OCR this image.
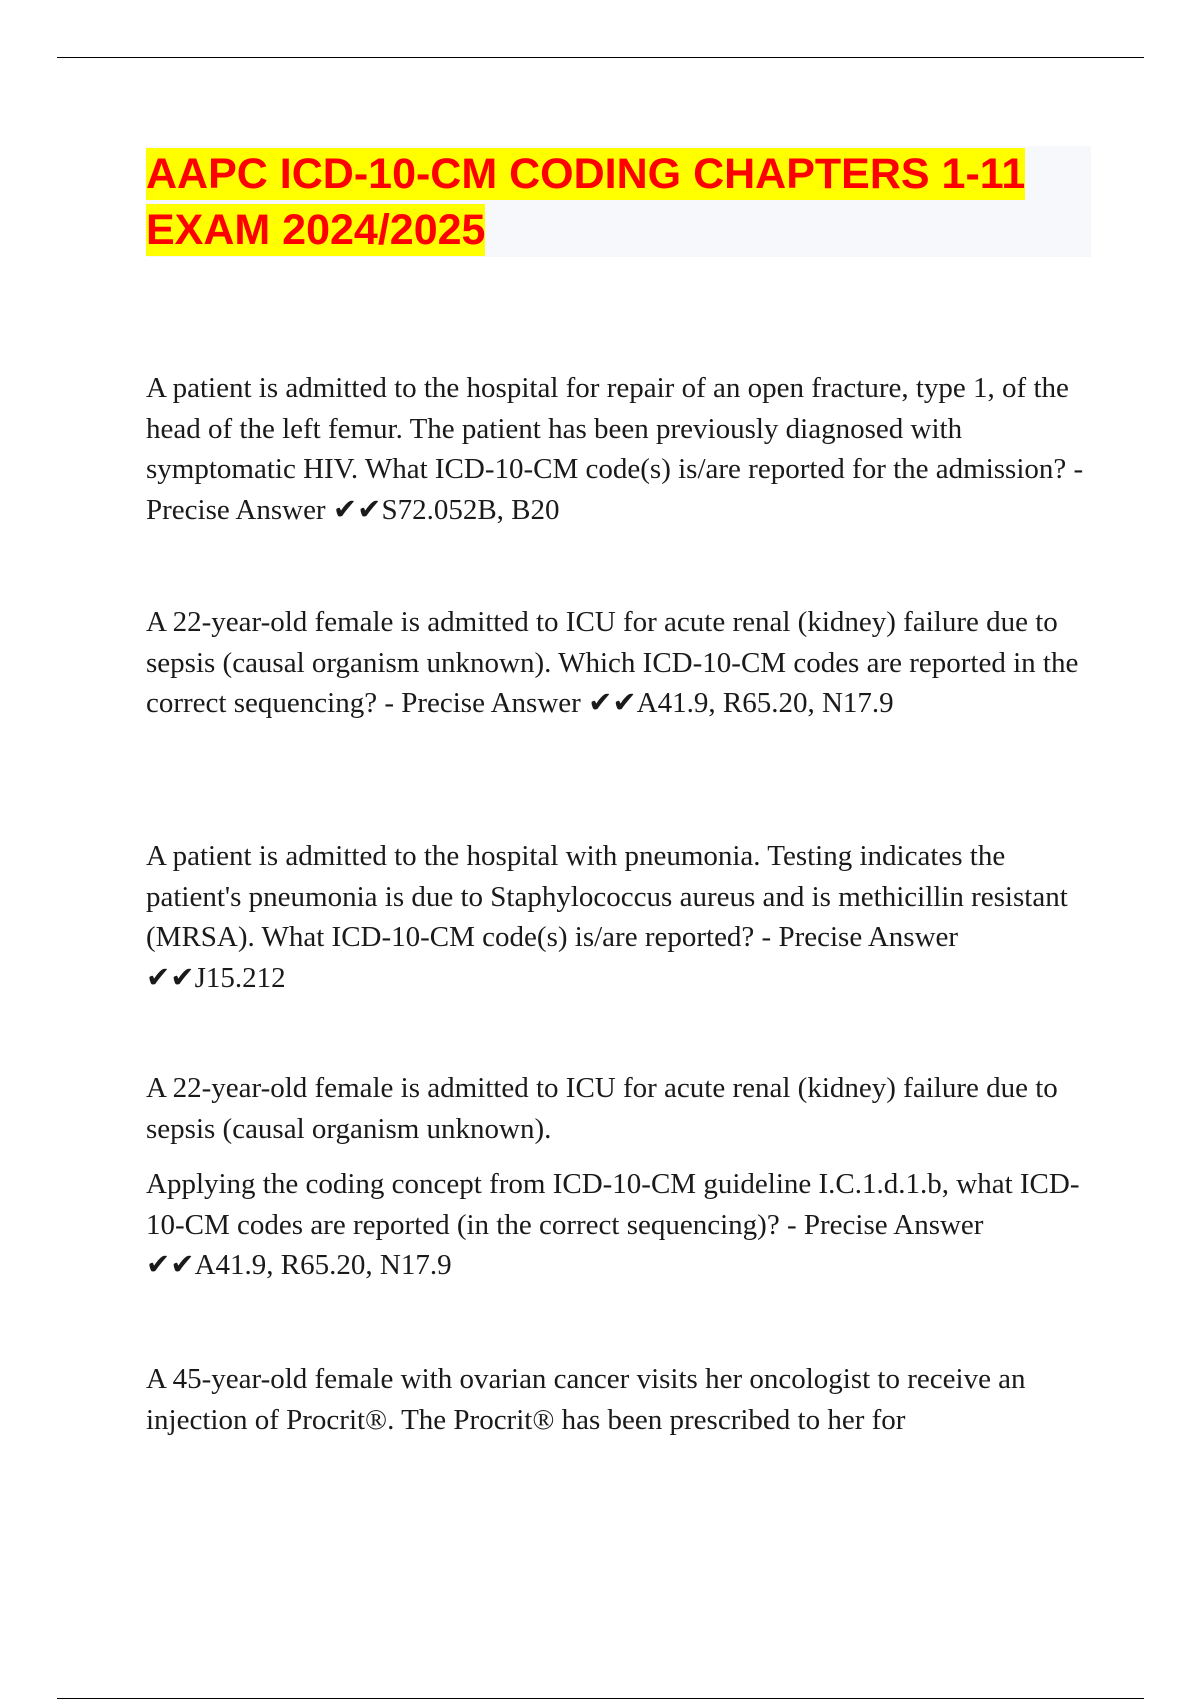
AAPC ICD-10-CM CODING CHAPTERS 1-11 EXAM 2024/2025

A patient is admitted to the hospital for repair of an open fracture, type 1, of the head of the left femur. The patient has been previously diagnosed with symptomatic HIV. What ICD-10-CM code(s) is/are reported for the admission? - Precise Answer ✔✔S72.052B, B20

A 22-year-old female is admitted to ICU for acute renal (kidney) failure due to sepsis (causal organism unknown). Which ICD-10-CM codes are reported in the correct sequencing? - Precise Answer ✔✔A41.9, R65.20, N17.9

A patient is admitted to the hospital with pneumonia. Testing indicates the patient's pneumonia is due to Staphylococcus aureus and is methicillin resistant (MRSA). What ICD-10-CM code(s) is/are reported? - Precise Answer ✔✔J15.212

A 22-year-old female is admitted to ICU for acute renal (kidney) failure due to sepsis (causal organism unknown).

Applying the coding concept from ICD-10-CM guideline I.C.1.d.1.b, what ICD-10-CM codes are reported (in the correct sequencing)? - Precise Answer ✔✔A41.9, R65.20, N17.9

A 45-year-old female with ovarian cancer visits her oncologist to receive an injection of Procrit®. The Procrit® has been prescribed to her for
